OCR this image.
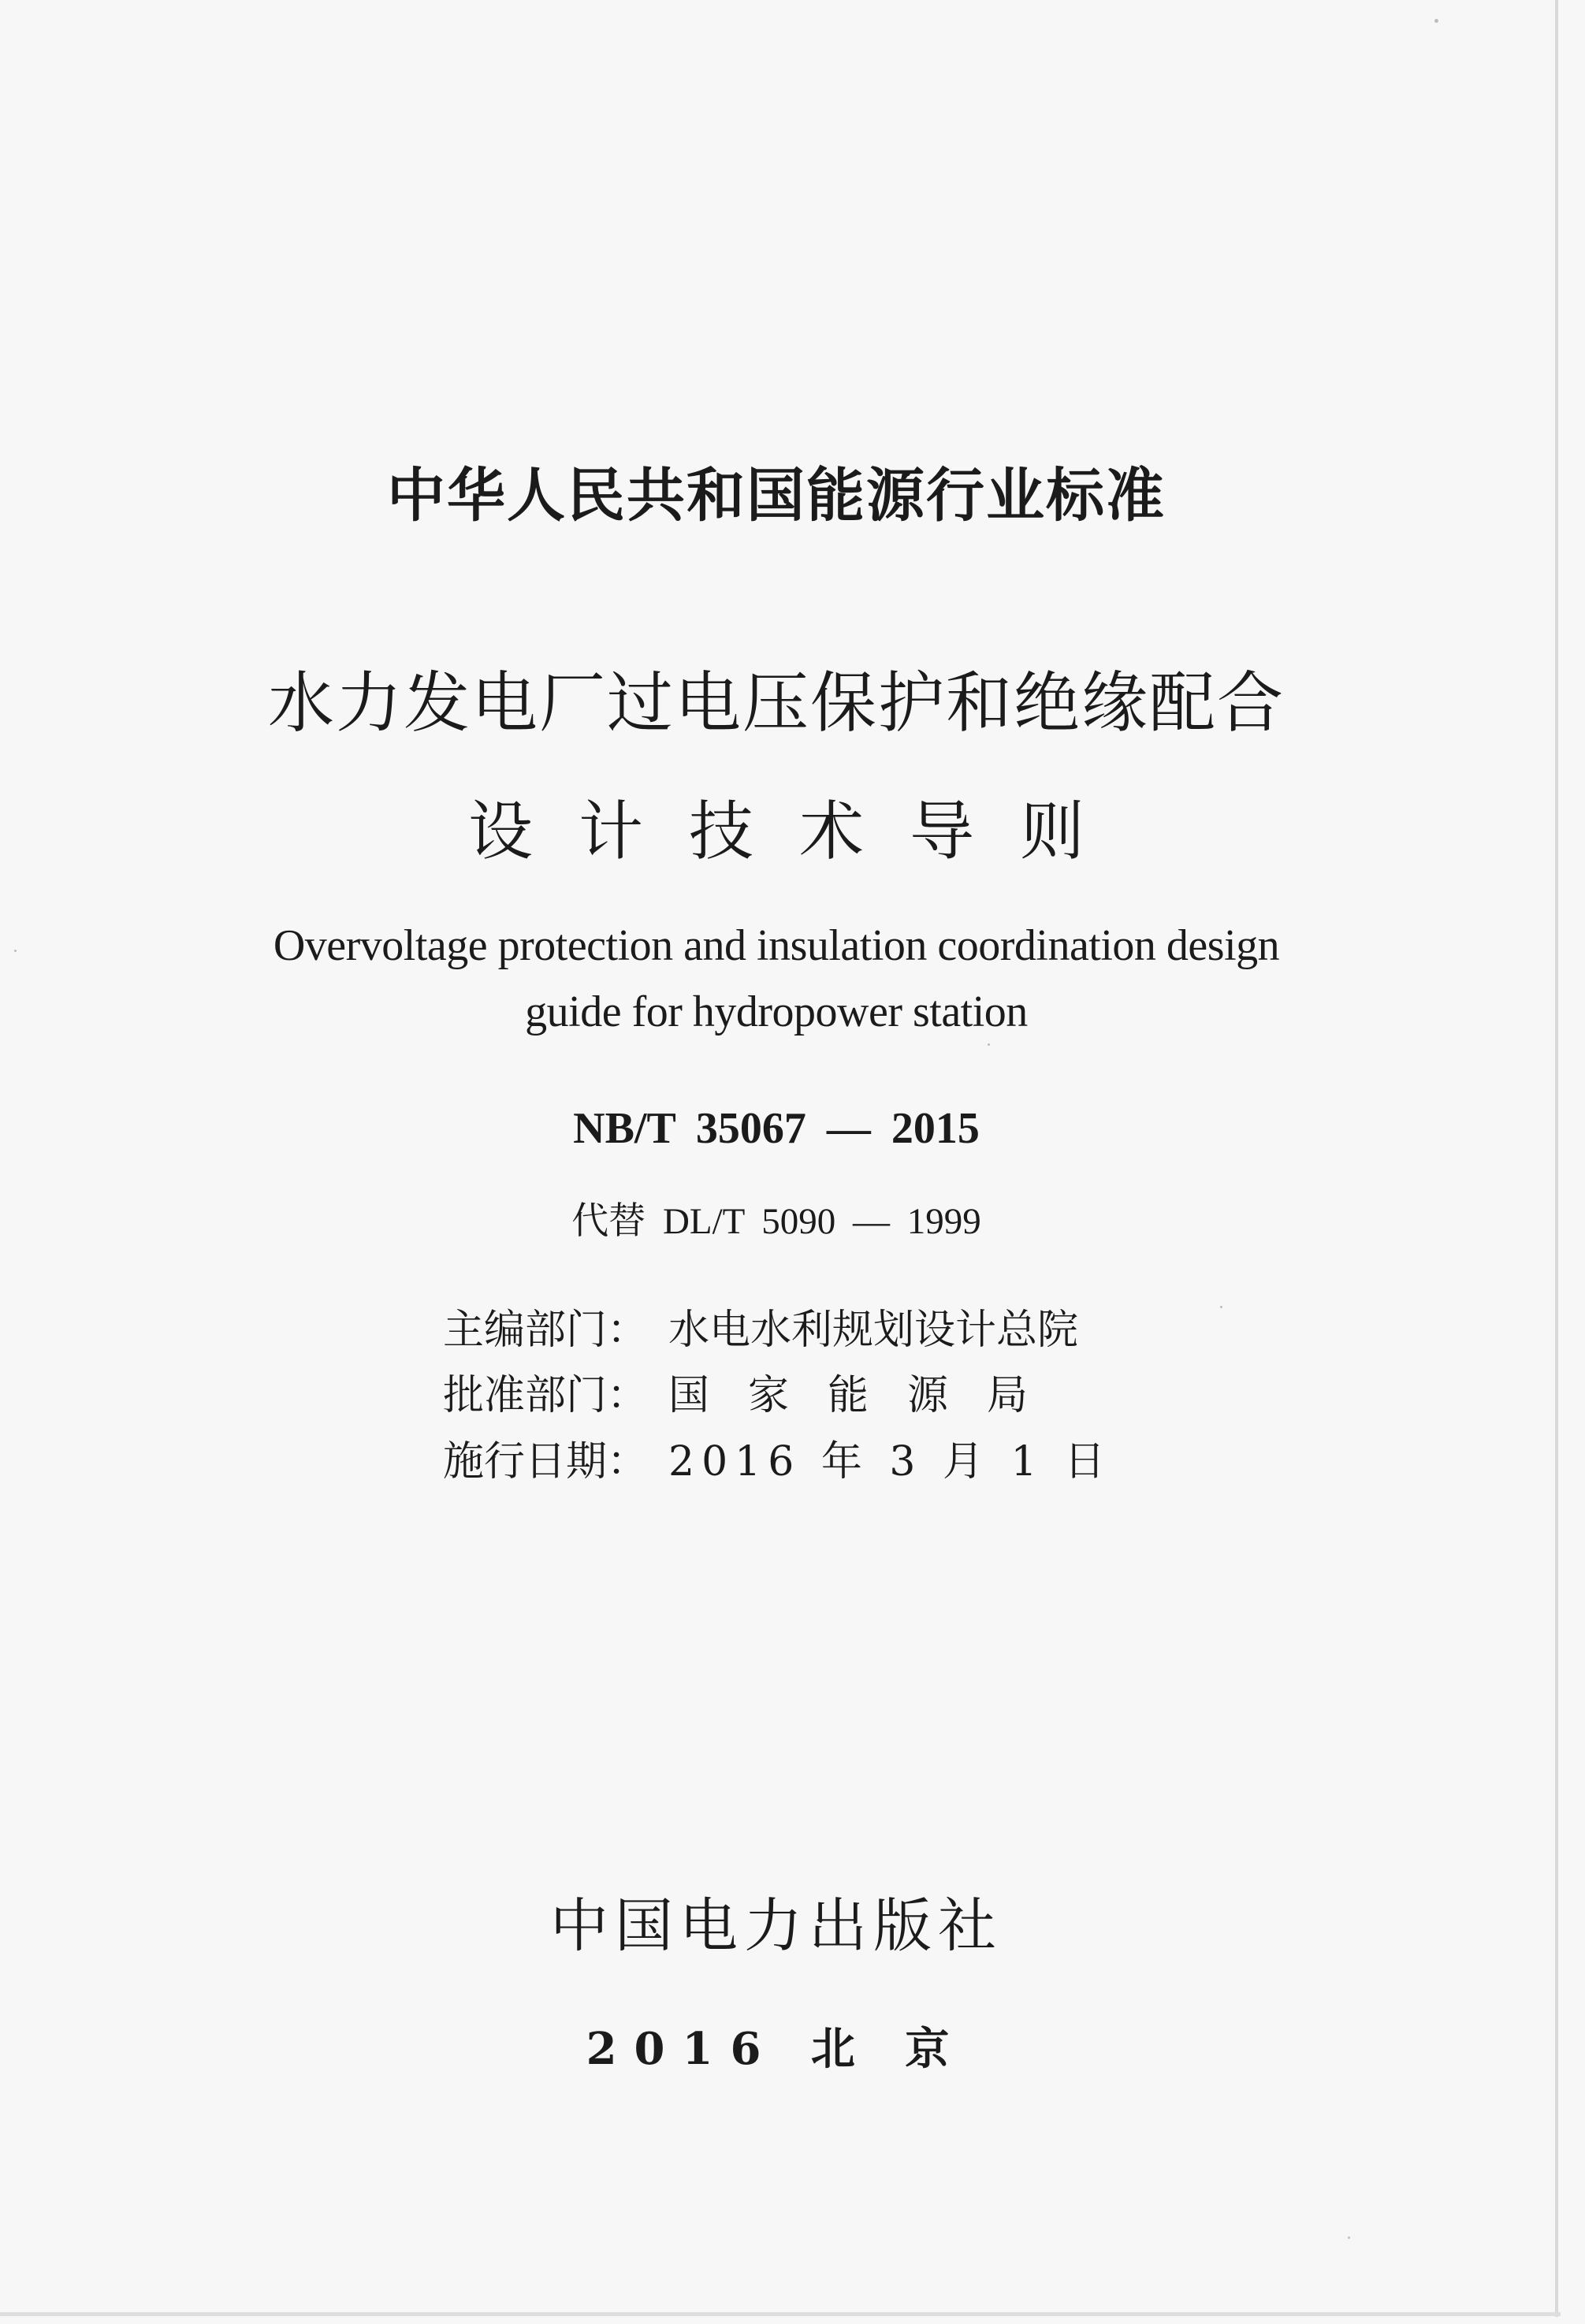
中华人民共和国能源行业标准
水力发电厂过电压保护和绝缘配合
设计技术导则
Overvoltage protection and insulation coordination design
guide for hydropower station
NB/T 35067 — 2015
代替 DL/T 5090 — 1999
主编部门： 水电水利规划设计总院
批准部门： 国家能源局
施行日期： 2016 年 3 月 1 日
中国电力出版社
2016 北 京
